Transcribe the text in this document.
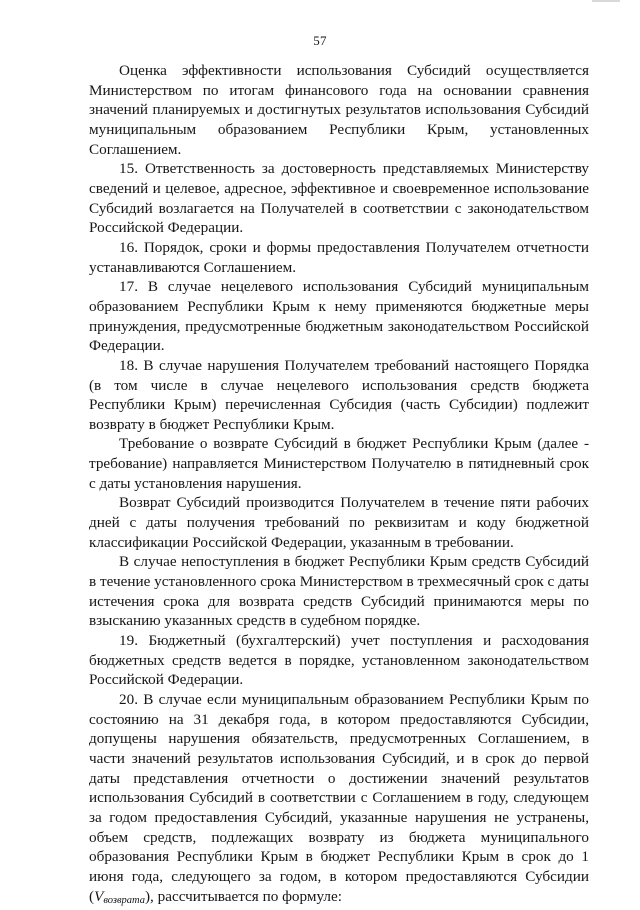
57

Оценка эффективности использования Субсидий осуществляется Министерством по итогам финансового года на основании сравнения значений планируемых и достигнутых результатов использования Субсидий муниципальным образованием Республики Крым, установленных Соглашением.

15. Ответственность за достоверность представляемых Министерству сведений и целевое, адресное, эффективное и своевременное использование Субсидий возлагается на Получателей в соответствии с законодательством Российской Федерации.

16. Порядок, сроки и формы предоставления Получателем отчетности устанавливаются Соглашением.

17. В случае нецелевого использования Субсидий муниципальным образованием Республики Крым к нему применяются бюджетные меры принуждения, предусмотренные бюджетным законодательством Российской Федерации.

18. В случае нарушения Получателем требований настоящего Порядка (в том числе в случае нецелевого использования средств бюджета Республики Крым) перечисленная Субсидия (часть Субсидии) подлежит возврату в бюджет Республики Крым.

Требование о возврате Субсидий в бюджет Республики Крым (далее - требование) направляется Министерством Получателю в пятидневный срок с даты установления нарушения.

Возврат Субсидий производится Получателем в течение пяти рабочих дней с даты получения требований по реквизитам и коду бюджетной классификации Российской Федерации, указанным в требовании.

В случае непоступления в бюджет Республики Крым средств Субсидий в течение установленного срока Министерством в трехмесячный срок с даты истечения срока для возврата средств Субсидий принимаются меры по взысканию указанных средств в судебном порядке.

19. Бюджетный (бухгалтерский) учет поступления и расходования бюджетных средств ведется в порядке, установленном законодательством Российской Федерации.

20. В случае если муниципальным образованием Республики Крым по состоянию на 31 декабря года, в котором предоставляются Субсидии, допущены нарушения обязательств, предусмотренных Соглашением, в части значений результатов использования Субсидий, и в срок до первой даты представления отчетности о достижении значений результатов использования Субсидий в соответствии с Соглашением в году, следующем за годом предоставления Субсидий, указанные нарушения не устранены, объем средств, подлежащих возврату из бюджета муниципального образования Республики Крым в бюджет Республики Крым в срок до 1 июня года, следующего за годом, в котором предоставляются Субсидии (Vвозврата), рассчитывается по формуле:
